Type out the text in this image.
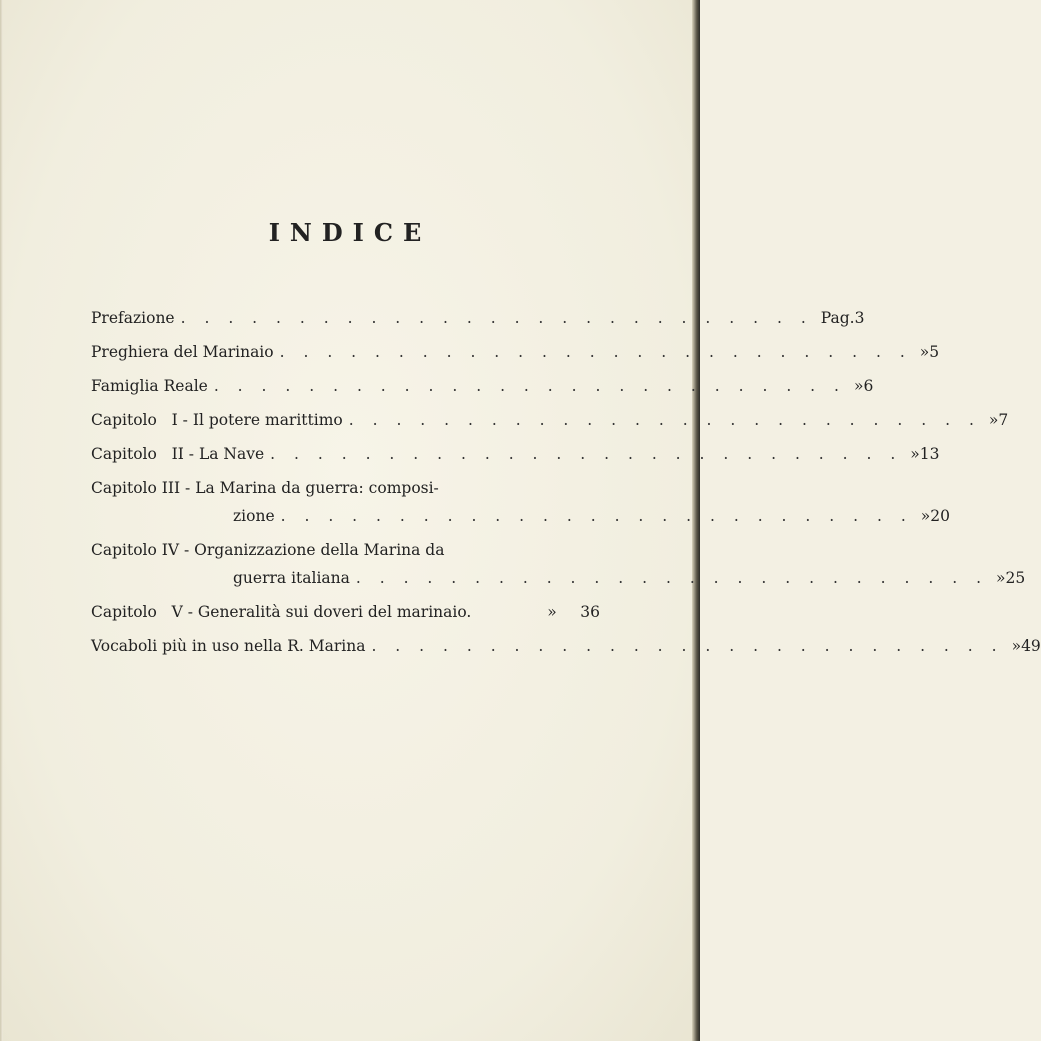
INDICE
Prefazione . . . . . . . . . . . . . . . . . . . . . . . . . . . Pag. 3
Preghiera del Marinaio . . . . . . . . . . . . . . . . . . . . . . . . . . . » 5
Famiglia Reale . . . . . . . . . . . . . . . . . . . . . . . . . . . » 6
Capitolo   I - Il potere marittimo . . . . . . . . . . . . . . . . . . . . . . . . . . . » 7
Capitolo   II - La Nave . . . . . . . . . . . . . . . . . . . . . . . . . . . » 13
Capitolo III - La Marina da guerra: composi-
zione . . . . . . . . . . . . . . . . . . . . . . . . . . . » 20
Capitolo IV - Organizzazione della Marina da
guerra italiana . . . . . . . . . . . . . . . . . . . . . . . . . . . » 25
Capitolo   V - Generalità sui doveri del marinaio.	»	36
Vocaboli più in uso nella R. Marina . . . . . . . . . . . . . . . . . . . . . . . . . . . » 49
